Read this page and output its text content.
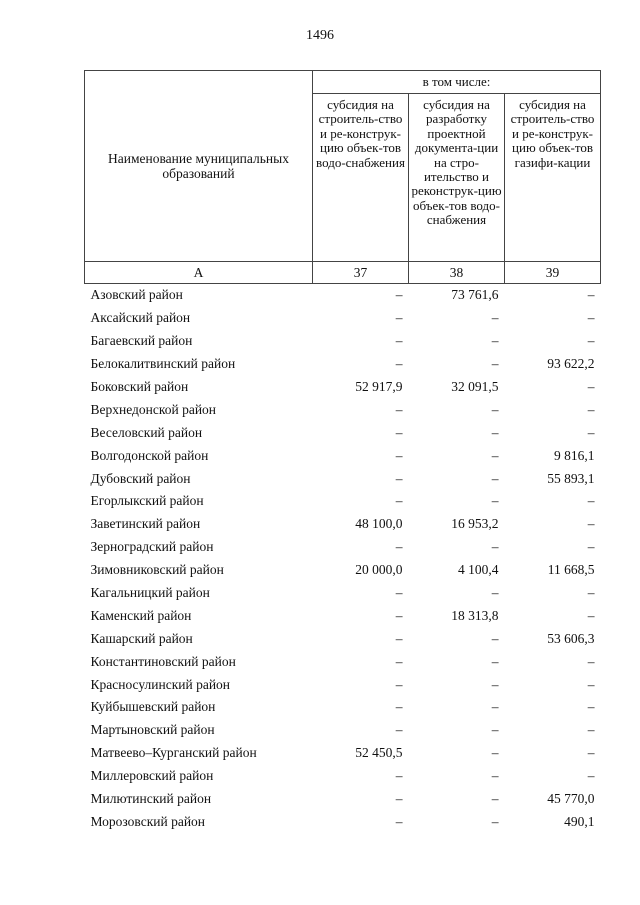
1496
Наименование муниципальных образований	в том числе:		
	субсидия на строитель-ство и ре-конструк-цию объек-тов водо-снабжения	субсидия на разработку проектной документа-ции на стро-ительство и реконструк-цию объек-тов водо-снабжения	субсидия на строитель-ство и ре-конструк-цию объек-тов газифи-кации
А	37	38	39
Азовский район	–	73 761,6	–
Аксайский район	–	–	–
Багаевский район	–	–	–
Белокалитвинский район	–	–	93 622,2
Боковский район	52 917,9	32 091,5	–
Верхнедонской район	–	–	–
Веселовский район	–	–	–
Волгодонской район	–	–	9 816,1
Дубовский район	–	–	55 893,1
Егорлыкский район	–	–	–
Заветинский район	48 100,0	16 953,2	–
Зерноградский район	–	–	–
Зимовниковский район	20 000,0	4 100,4	11 668,5
Кагальницкий район	–	–	–
Каменский район	–	18 313,8	–
Кашарский район	–	–	53 606,3
Константиновский район	–	–	–
Красносулинский район	–	–	–
Куйбышевский район	–	–	–
Мартыновский район	–	–	–
Матвеево–Курганский район	52 450,5	–	–
Миллеровский район	–	–	–
Милютинский район	–	–	45 770,0
Морозовский район	–	–	490,1
